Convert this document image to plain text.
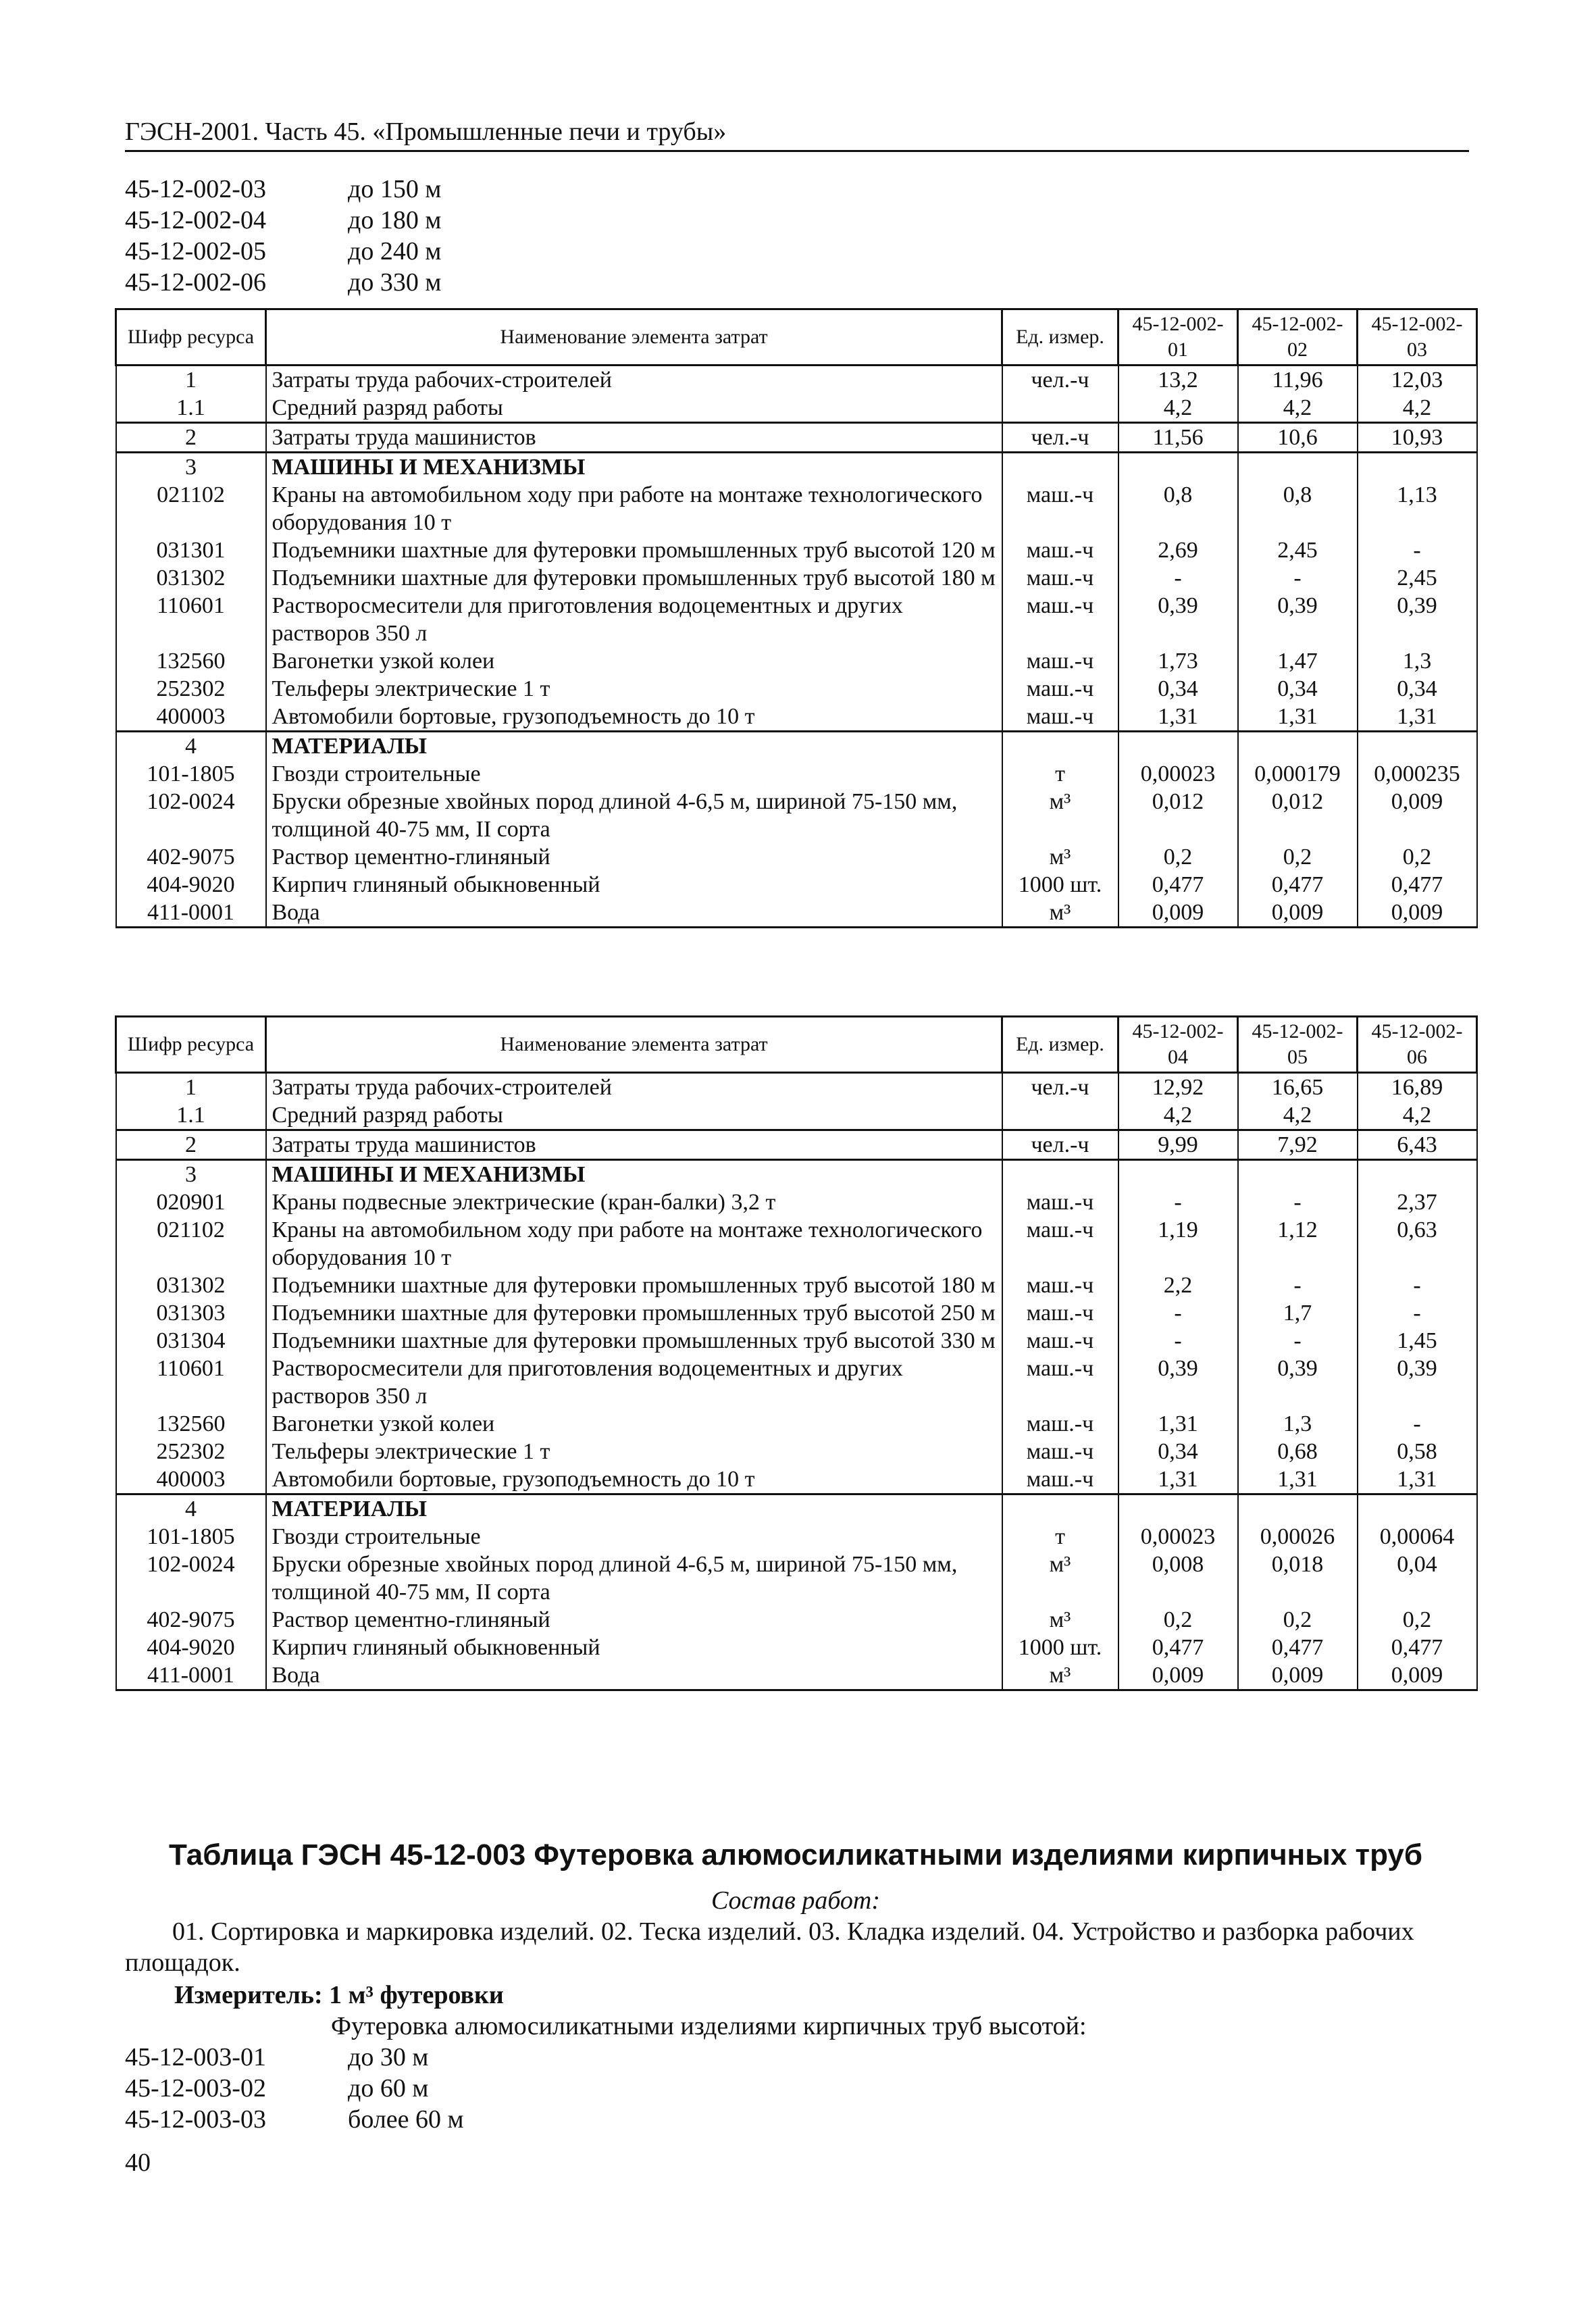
ГЭСН-2001. Часть 45. «Промышленные печи и трубы»
45-12-002-03	до 150 м
45-12-002-04	до 180 м
45-12-002-05	до 240 м
45-12-002-06	до 330 м
Шифр ресурса	Наименование элемента затрат	Ед. измер.	45-12-002-01	45-12-002-02	45-12-002-03
1	Затраты труда рабочих-строителей	чел.-ч	13,2	11,96	12,03
1.1	Средний разряд работы		4,2	4,2	4,2
2	Затраты труда машинистов	чел.-ч	11,56	10,6	10,93
3	МАШИНЫ И МЕХАНИЗМЫ				
021102	Краны на автомобильном ходу при работе на монтаже технологического оборудования 10 т	маш.-ч	0,8	0,8	1,13
031301	Подъемники шахтные для футеровки промышленных труб высотой 120 м	маш.-ч	2,69	2,45	-
031302	Подъемники шахтные для футеровки промышленных труб высотой 180 м	маш.-ч	-	-	2,45
110601	Растворосмесители для приготовления водоцементных и других растворов 350 л	маш.-ч	0,39	0,39	0,39
132560	Вагонетки узкой колеи	маш.-ч	1,73	1,47	1,3
252302	Тельферы электрические 1 т	маш.-ч	0,34	0,34	0,34
400003	Автомобили бортовые, грузоподъемность до 10 т	маш.-ч	1,31	1,31	1,31
4	МАТЕРИАЛЫ				
101-1805	Гвозди строительные	т	0,00023	0,000179	0,000235
102-0024	Бруски обрезные хвойных пород длиной 4-6,5 м, шириной 75-150 мм, толщиной 40-75 мм, II сорта	м³	0,012	0,012	0,009
402-9075	Раствор цементно-глиняный	м³	0,2	0,2	0,2
404-9020	Кирпич глиняный обыкновенный	1000 шт.	0,477	0,477	0,477
411-0001	Вода	м³	0,009	0,009	0,009
Шифр ресурса	Наименование элемента затрат	Ед. измер.	45-12-002-04	45-12-002-05	45-12-002-06
1	Затраты труда рабочих-строителей	чел.-ч	12,92	16,65	16,89
1.1	Средний разряд работы		4,2	4,2	4,2
2	Затраты труда машинистов	чел.-ч	9,99	7,92	6,43
3	МАШИНЫ И МЕХАНИЗМЫ				
020901	Краны подвесные электрические (кран-балки) 3,2 т	маш.-ч	-	-	2,37
021102	Краны на автомобильном ходу при работе на монтаже технологического оборудования 10 т	маш.-ч	1,19	1,12	0,63
031302	Подъемники шахтные для футеровки промышленных труб высотой 180 м	маш.-ч	2,2	-	-
031303	Подъемники шахтные для футеровки промышленных труб высотой 250 м	маш.-ч	-	1,7	-
031304	Подъемники шахтные для футеровки промышленных труб высотой 330 м	маш.-ч	-	-	1,45
110601	Растворосмесители для приготовления водоцементных и других растворов 350 л	маш.-ч	0,39	0,39	0,39
132560	Вагонетки узкой колеи	маш.-ч	1,31	1,3	-
252302	Тельферы электрические 1 т	маш.-ч	0,34	0,68	0,58
400003	Автомобили бортовые, грузоподъемность до 10 т	маш.-ч	1,31	1,31	1,31
4	МАТЕРИАЛЫ				
101-1805	Гвозди строительные	т	0,00023	0,00026	0,00064
102-0024	Бруски обрезные хвойных пород длиной 4-6,5 м, шириной 75-150 мм, толщиной 40-75 мм, II сорта	м³	0,008	0,018	0,04
402-9075	Раствор цементно-глиняный	м³	0,2	0,2	0,2
404-9020	Кирпич глиняный обыкновенный	1000 шт.	0,477	0,477	0,477
411-0001	Вода	м³	0,009	0,009	0,009
Таблица ГЭСН 45-12-003 Футеровка алюмосиликатными изделиями кирпичных труб
Состав работ:
01. Сортировка и маркировка изделий. 02. Теска изделий. 03. Кладка изделий. 04. Устройство и разборка рабочих площадок.
Измеритель: 1 м³ футеровки
Футеровка алюмосиликатными изделиями кирпичных труб высотой:
45-12-003-01	до 30 м
45-12-003-02	до 60 м
45-12-003-03	более 60 м
40
